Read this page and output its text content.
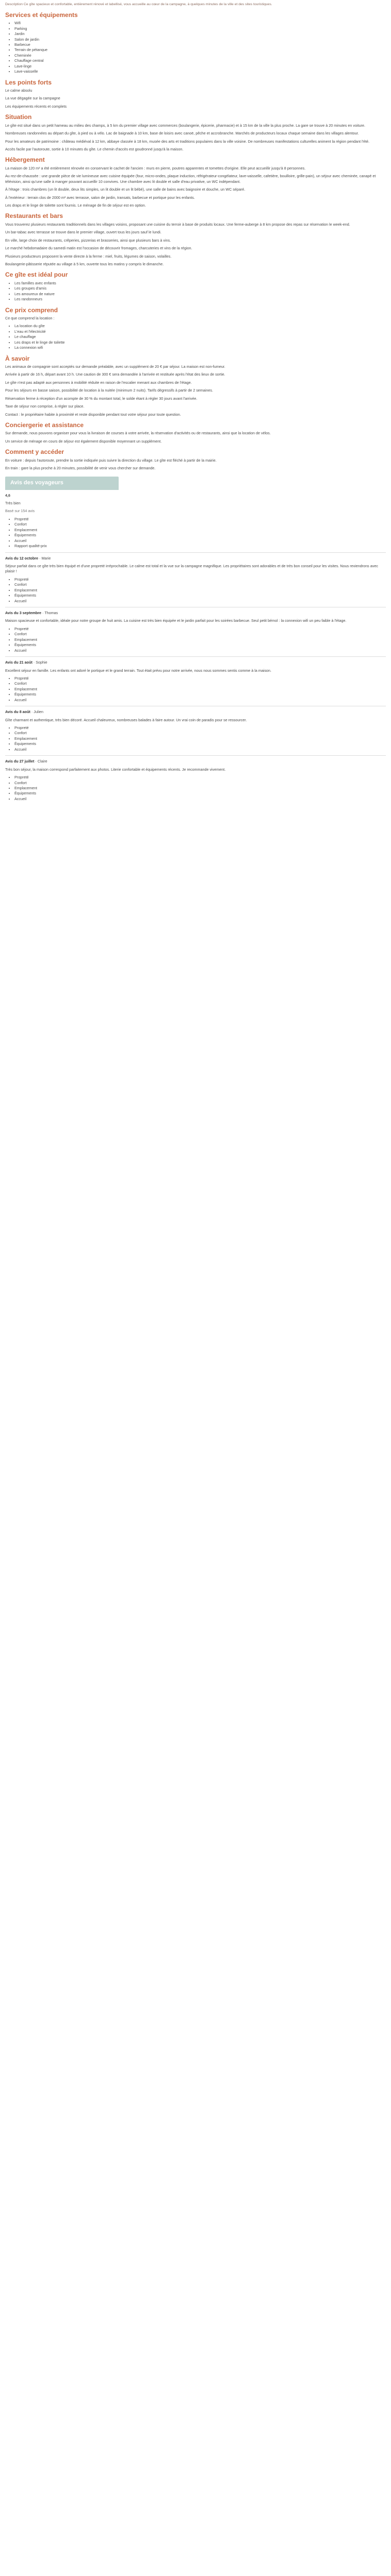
Description Ce gîte spacieux et confortable, entièrement rénové et labellisé, vous accueille au cœur de la campagne, à quelques minutes de la ville et des sites touristiques.

Services et équipements
• Wifi
• Parking
• Jardin
• Salon de jardin
• Barbecue
• Terrain de pétanque
• Cheminée
• Chauffage central
• Lave-linge
• Lave-vaisselle
Les points forts

Le calme absolu

La vue dégagée sur la campagne

Les équipements récents et complets

Situation

Le gîte est situé dans un petit hameau au milieu des champs, à 5 km du premier village avec commerces (boulangerie, épicerie, pharmacie) et à 15 km de la ville la plus proche. La gare se trouve à 20 minutes en voiture.

Nombreuses randonnées au départ du gîte, à pied ou à vélo. Lac de baignade à 10 km, base de loisirs avec canoë, pêche et accrobranche. Marchés de producteurs locaux chaque semaine dans les villages alentour.

Pour les amateurs de patrimoine : château médiéval à 12 km, abbaye classée à 18 km, musée des arts et traditions populaires dans la ville voisine. De nombreuses manifestations culturelles animent la région pendant l'été.

Accès facile par l'autoroute, sortie à 10 minutes du gîte. Le chemin d'accès est goudronné jusqu'à la maison.

Hébergement

La maison de 120 m² a été entièrement rénovée en conservant le cachet de l'ancien : murs en pierre, poutres apparentes et tomettes d'origine. Elle peut accueillir jusqu'à 8 personnes.

Au rez-de-chaussée : une grande pièce de vie lumineuse avec cuisine équipée (four, micro-ondes, plaque induction, réfrigérateur-congélateur, lave-vaisselle, cafetière, bouilloire, grille-pain), un séjour avec cheminée, canapé et télévision, ainsi qu'une salle à manger pouvant accueillir 10 convives. Une chambre avec lit double et salle d'eau privative, un WC indépendant.

À l'étage : trois chambres (un lit double, deux lits simples, un lit double et un lit bébé), une salle de bains avec baignoire et douche, un WC séparé.

À l'extérieur : terrain clos de 2000 m² avec terrasse, salon de jardin, transats, barbecue et portique pour les enfants.

Les draps et le linge de toilette sont fournis. Le ménage de fin de séjour est en option.

Restaurants et bars

Vous trouverez plusieurs restaurants traditionnels dans les villages voisins, proposant une cuisine du terroir à base de produits locaux. Une ferme-auberge à 8 km propose des repas sur réservation le week-end.

Un bar-tabac avec terrasse se trouve dans le premier village, ouvert tous les jours sauf le lundi.

En ville, large choix de restaurants, crêperies, pizzerias et brasseries, ainsi que plusieurs bars à vins.

Le marché hebdomadaire du samedi matin est l'occasion de découvrir fromages, charcuteries et vins de la région.

Plusieurs producteurs proposent la vente directe à la ferme : miel, fruits, légumes de saison, volailles.

Boulangerie-pâtisserie réputée au village à 5 km, ouverte tous les matins y compris le dimanche.

Ce gîte est idéal pour
• Les familles avec enfants
• Les groupes d'amis
• Les amoureux de nature
• Les randonneurs
Ce prix comprend

Ce que comprend la location :

• La location du gîte
• L'eau et l'électricité
• Le chauffage
• Les draps et le linge de toilette
• La connexion wifi
À savoir

Les animaux de compagnie sont acceptés sur demande préalable, avec un supplément de 20 € par séjour. La maison est non-fumeur.

Arrivée à partir de 16 h, départ avant 10 h. Une caution de 300 € sera demandée à l'arrivée et restituée après l'état des lieux de sortie.

Le gîte n'est pas adapté aux personnes à mobilité réduite en raison de l'escalier menant aux chambres de l'étage.

Pour les séjours en basse saison, possibilité de location à la nuitée (minimum 2 nuits). Tarifs dégressifs à partir de 2 semaines.

Réservation ferme à réception d'un acompte de 30 % du montant total, le solde étant à régler 30 jours avant l'arrivée.

Taxe de séjour non comprise, à régler sur place.

Contact : le propriétaire habite à proximité et reste disponible pendant tout votre séjour pour toute question.

Conciergerie et assistance

Sur demande, nous pouvons organiser pour vous la livraison de courses à votre arrivée, la réservation d'activités ou de restaurants, ainsi que la location de vélos.

Un service de ménage en cours de séjour est également disponible moyennant un supplément.

Comment y accéder

En voiture : depuis l'autoroute, prendre la sortie indiquée puis suivre la direction du village. Le gîte est fléché à partir de la mairie.

En train : gare la plus proche à 20 minutes, possibilité de venir vous chercher sur demande.

Avis des voyageurs

4,6

Très bien

Basé sur 154 avis

• Propreté
• Confort
• Emplacement
• Équipements
• Accueil
• Rapport qualité-prix

Avis du 12 octobre · Marie

Séjour parfait dans ce gîte très bien équipé et d'une propreté irréprochable. Le calme est total et la vue sur la campagne magnifique. Les propriétaires sont adorables et de très bon conseil pour les visites. Nous reviendrons avec plaisir !

• Propreté
• Confort
• Emplacement
• Équipements
• Accueil

Avis du 3 septembre · Thomas

Maison spacieuse et confortable, idéale pour notre groupe de huit amis. La cuisine est très bien équipée et le jardin parfait pour les soirées barbecue. Seul petit bémol : la connexion wifi un peu faible à l'étage.

• Propreté
• Confort
• Emplacement
• Équipements
• Accueil

Avis du 21 août · Sophie

Excellent séjour en famille. Les enfants ont adoré le portique et le grand terrain. Tout était prévu pour notre arrivée, nous nous sommes sentis comme à la maison.

• Propreté
• Confort
• Emplacement
• Équipements
• Accueil

Avis du 8 août · Julien

Gîte charmant et authentique, très bien décoré. Accueil chaleureux, nombreuses balades à faire autour. Un vrai coin de paradis pour se ressourcer.

• Propreté
• Confort
• Emplacement
• Équipements
• Accueil

Avis du 27 juillet · Claire

Très bon séjour, la maison correspond parfaitement aux photos. Literie confortable et équipements récents. Je recommande vivement.

• Propreté
• Confort
• Emplacement
• Équipements
• Accueil
